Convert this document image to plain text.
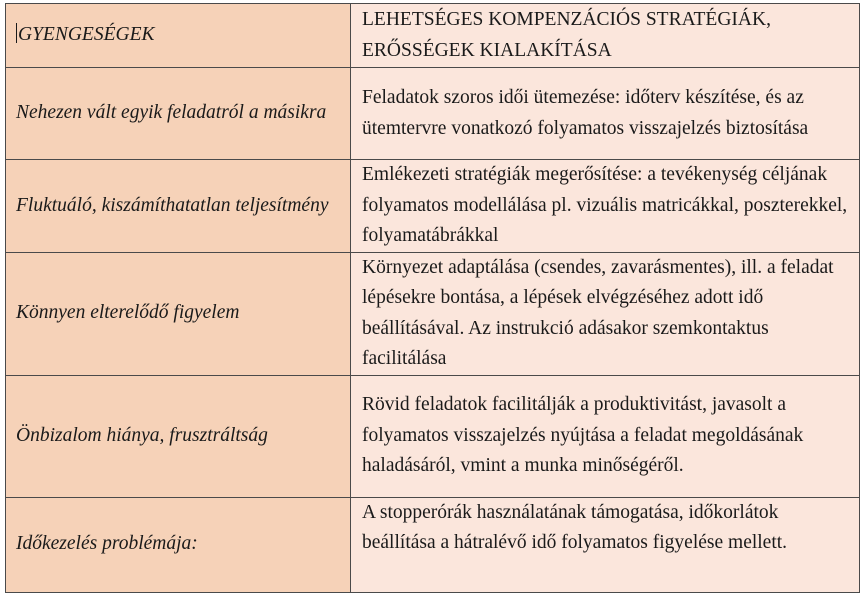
GYENGESÉGEK	LEHETSÉGES KOMPENZÁCIÓS STRATÉGIÁK,
ERŐSSÉGEK KIALAKÍTÁSA
Nehezen vált egyik feladatról a másikra	Feladatok szoros idői ütemezése: időterv készítése, és az ütemtervre vonatkozó folyamatos visszajelzés biztosítása
Fluktuáló, kiszámíthatatlan teljesítmény	Emlékezeti stratégiák megerősítése: a tevékenység céljának folyamatos modellálása pl. vizuális matricákkal, poszterekkel, folyamatábrákkal
Könnyen elterelődő figyelem	Környezet adaptálása (csendes, zavarásmentes), ill. a feladat lépésekre bontása, a lépések elvégzéséhez adott idő beállításával. Az instrukció adásakor szemkontaktus facilitálása
Önbizalom hiánya, frusztráltság	Rövid feladatok facilitálják a produktivitást, javasolt a folyamatos visszajelzés nyújtása a feladat megoldásának haladásáról, vmint a munka minőségéről.
Időkezelés problémája:	A stopperórák használatának támogatása, időkorlátok beállítása a hátralévő idő folyamatos figyelése mellett.
